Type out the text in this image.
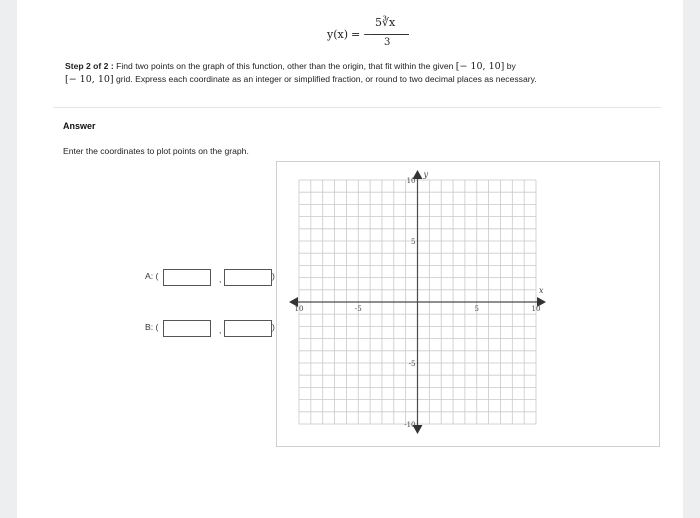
y(x) = −
5∛x
3
Step 2 of 2 : Find two points on the graph of this function, other than the origin, that fit within the given [− 10, 10] by
[− 10, 10] grid. Express each coordinate as an integer or simplified fraction, or round to two decimal places as necessary.
Answer
Enter the coordinates to plot points on the graph.
A: (	,	)
B: (	,	)
x
y
10	-5	5	10
10
5
-5
-10
